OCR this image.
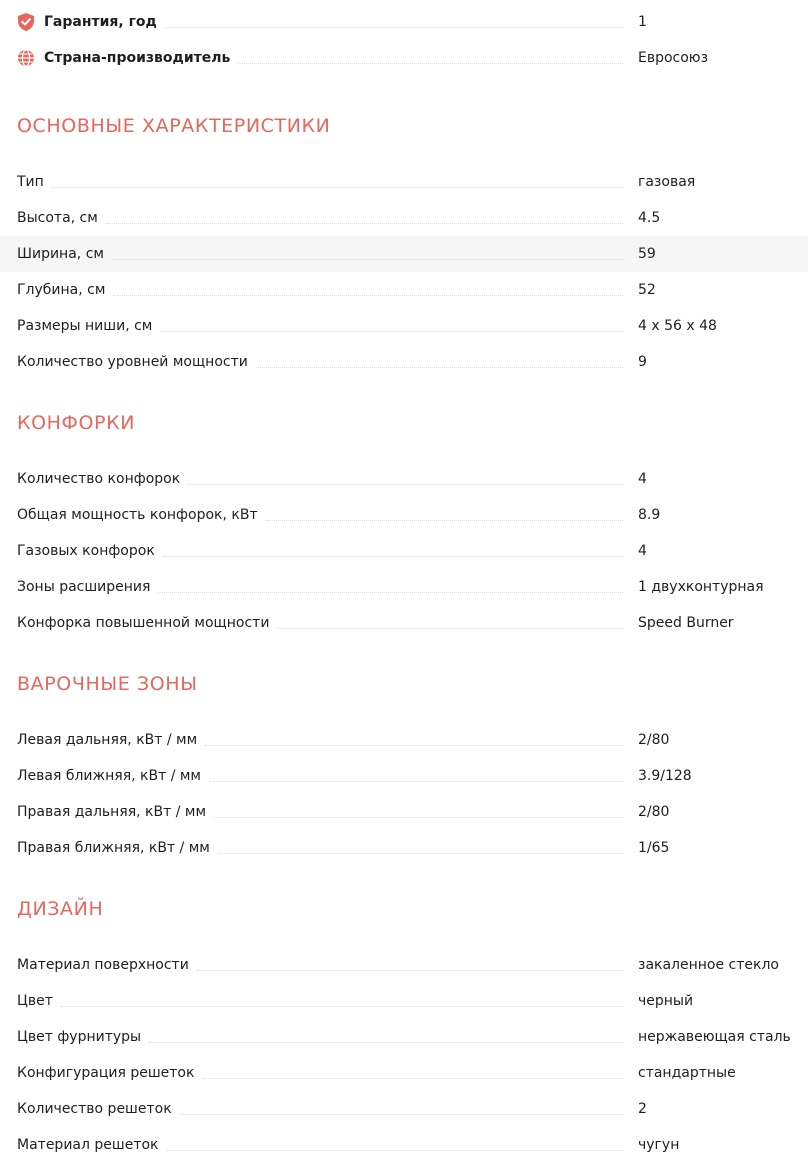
Гарантия, год	1
Страна-производитель	Евросоюз
ОСНОВНЫЕ ХАРАКТЕРИСТИКИ
Тип	газовая
Высота, см	4.5
Ширина, см	59
Глубина, см	52
Размеры ниши, см	4 x 56 x 48
Количество уровней мощности	9
КОНФОРКИ
Количество конфорок	4
Общая мощность конфорок, кВт	8.9
Газовых конфорок	4
Зоны расширения	1 двухконтурная
Конфорка повышенной мощности	Speed Burner
ВАРОЧНЫЕ ЗОНЫ
Левая дальняя, кВт / мм	2/80
Левая ближняя, кВт / мм	3.9/128
Правая дальняя, кВт / мм	2/80
Правая ближняя, кВт / мм	1/65
ДИЗАЙН
Материал поверхности	закаленное стекло
Цвет	черный
Цвет фурнитуры	нержавеющая сталь
Конфигурация решеток	стандартные
Количество решеток	2
Материал решеток	чугун
